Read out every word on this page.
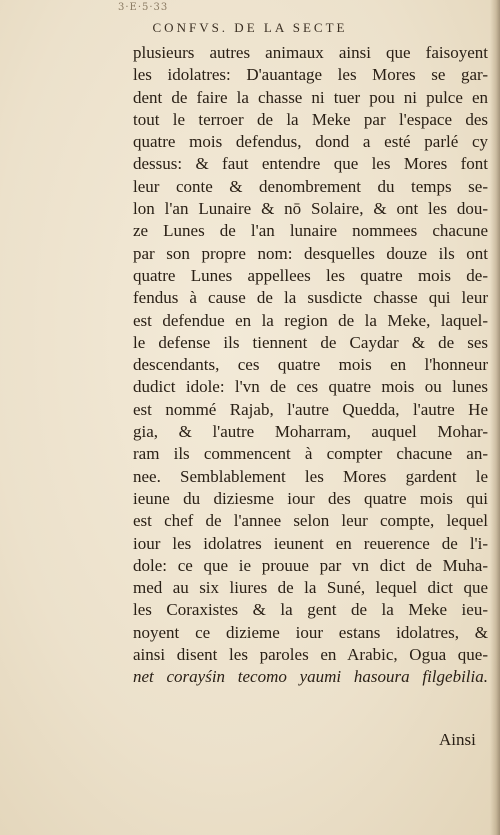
3·E·5·33
CONFVS. DE LA SECTE
plusieurs autres animaux ainsi que faisoyent
les idolatres: D'auantage les Mores se gar-
dent de faire la chasse ni tuer pou ni pulce en
tout le terroer de la Meke par l'espace des
quatre mois defendus, dond a esté parlé cy
dessus: & faut entendre que les Mores font
leur conte & denombrement du temps se-
lon l'an Lunaire & nō Solaire, & ont les dou-
ze Lunes de l'an lunaire nommees chacune
par son propre nom: desquelles douze ils ont
quatre Lunes appellees les quatre mois de-
fendus à cause de la susdicte chasse qui leur
est defendue en la region de la Meke, laquel-
le defense ils tiennent de Caydar & de ses
descendants, ces quatre mois en l'honneur
dudict idole: l'vn de ces quatre mois ou lunes
est nommé Rajab, l'autre Quedda, l'autre He
gia, & l'autre Moharram, auquel Mohar-
ram ils commencent à compter chacune an-
nee. Semblablement les Mores gardent le
ieune du diziesme iour des quatre mois qui
est chef de l'annee selon leur compte, lequel
iour les idolatres ieunent en reuerence de l'i-
dole: ce que ie prouue par vn dict de Muha-
med au six liures de la Suné, lequel dict que
les Coraxistes & la gent de la Meke ieu-
noyent ce dizieme iour estans idolatres, &
ainsi disent les paroles en Arabic, Ogua que-
net corayśin tecomo yaumi hasoura filgebilia.
Ainsi
